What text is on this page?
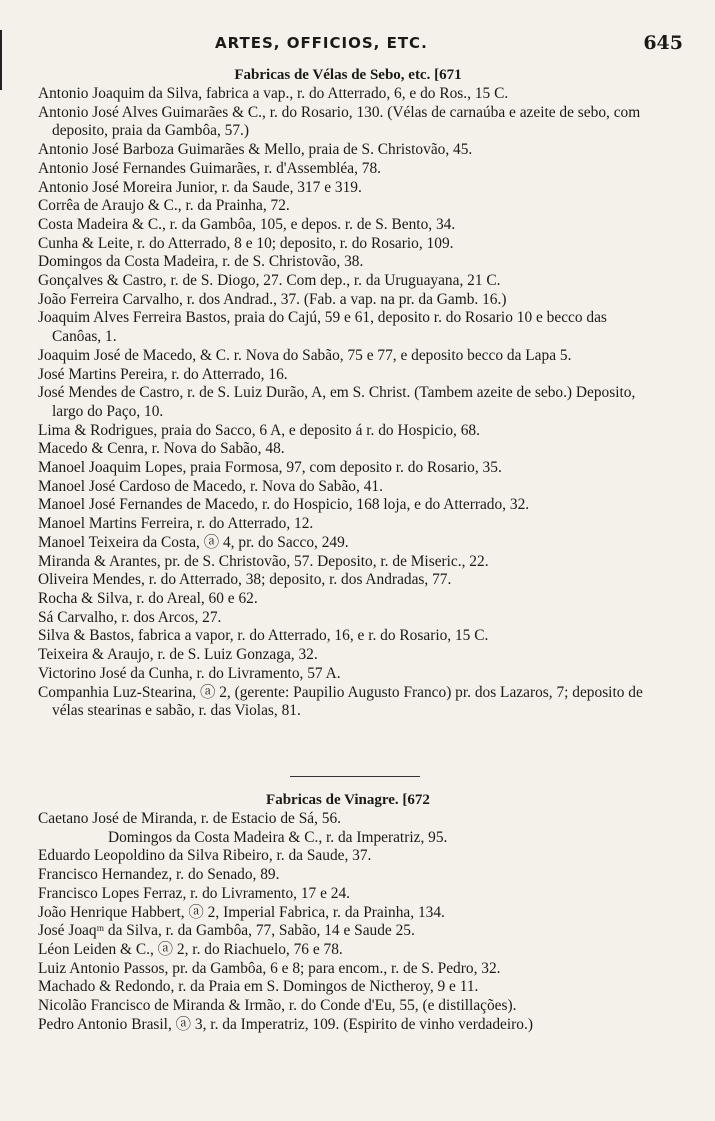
ARTES, OFFICIOS, ETC.	645
Fabricas de Vélas de Sebo, etc. [671
Antonio Joaquim da Silva, fabrica a vap., r. do Atterrado, 6, e do Ros., 15 C.
Antonio José Alves Guimarães & C., r. do Rosario, 130. (Vélas de carnaúba e azeite de sebo, com deposito, praia da Gambôa, 57.)
Antonio José Barboza Guimarães & Mello, praia de S. Christovão, 45.
Antonio José Fernandes Guimarães, r. d'Assembléa, 78.
Antonio José Moreira Junior, r. da Saude, 317 e 319.
Corrêa de Araujo & C., r. da Prainha, 72.
Costa Madeira & C., r. da Gambôa, 105, e depos. r. de S. Bento, 34.
Cunha & Leite, r. do Atterrado, 8 e 10; deposito, r. do Rosario, 109.
Domingos da Costa Madeira, r. de S. Christovão, 38.
Gonçalves & Castro, r. de S. Diogo, 27. Com dep., r. da Uruguayana, 21 C.
João Ferreira Carvalho, r. dos Andrad., 37. (Fab. a vap. na pr. da Gamb. 16.)
Joaquim Alves Ferreira Bastos, praia do Cajú, 59 e 61, deposito r. do Rosario 10 e becco das Canôas, 1.
Joaquim José de Macedo, & C. r. Nova do Sabão, 75 e 77, e deposito becco da Lapa 5.
José Martins Pereira, r. do Atterrado, 16.
José Mendes de Castro, r. de S. Luiz Durão, A, em S. Christ. (Tambem azeite de sebo.) Deposito, largo do Paço, 10.
Lima & Rodrigues, praia do Sacco, 6 A, e deposito á r. do Hospicio, 68.
Macedo & Cenra, r. Nova do Sabão, 48.
Manoel Joaquim Lopes, praia Formosa, 97, com deposito r. do Rosario, 35.
Manoel José Cardoso de Macedo, r. Nova do Sabão, 41.
Manoel José Fernandes de Macedo, r. do Hospicio, 168 loja, e do Atterrado, 32.
Manoel Martins Ferreira, r. do Atterrado, 12.
Manoel Teixeira da Costa, ⓐ 4, pr. do Sacco, 249.
Miranda & Arantes, pr. de S. Christovão, 57. Deposito, r. de Miseric., 22.
Oliveira Mendes, r. do Atterrado, 38; deposito, r. dos Andradas, 77.
Rocha & Silva, r. do Areal, 60 e 62.
Sá Carvalho, r. dos Arcos, 27.
Silva & Bastos, fabrica a vapor, r. do Atterrado, 16, e r. do Rosario, 15 C.
Teixeira & Araujo, r. de S. Luiz Gonzaga, 32.
Victorino José da Cunha, r. do Livramento, 57 A.
Companhia Luz-Stearina, ⓐ 2, (gerente: Paupilio Augusto Franco) pr. dos Lazaros, 7; deposito de vélas stearinas e sabão, r. das Violas, 81.
Fabricas de Vinagre. [672
Caetano José de Miranda, r. de Estacio de Sá, 56.
Domingos da Costa Madeira & C., r. da Imperatriz, 95.
Eduardo Leopoldino da Silva Ribeiro, r. da Saude, 37.
Francisco Hernandez, r. do Senado, 89.
Francisco Lopes Ferraz, r. do Livramento, 17 e 24.
João Henrique Habbert, ⓐ 2, Imperial Fabrica, r. da Prainha, 134.
José Joaqᵐ da Silva, r. da Gambôa, 77, Sabão, 14 e Saude 25.
Léon Leiden & C., ⓐ 2, r. do Riachuelo, 76 e 78.
Luiz Antonio Passos, pr. da Gambôa, 6 e 8; para encom., r. de S. Pedro, 32.
Machado & Redondo, r. da Praia em S. Domingos de Nictheroy, 9 e 11.
Nicolão Francisco de Miranda & Irmão, r. do Conde d'Eu, 55, (e distillações).
Pedro Antonio Brasil, ⓐ 3, r. da Imperatriz, 109. (Espirito de vinho verdadeiro.)
